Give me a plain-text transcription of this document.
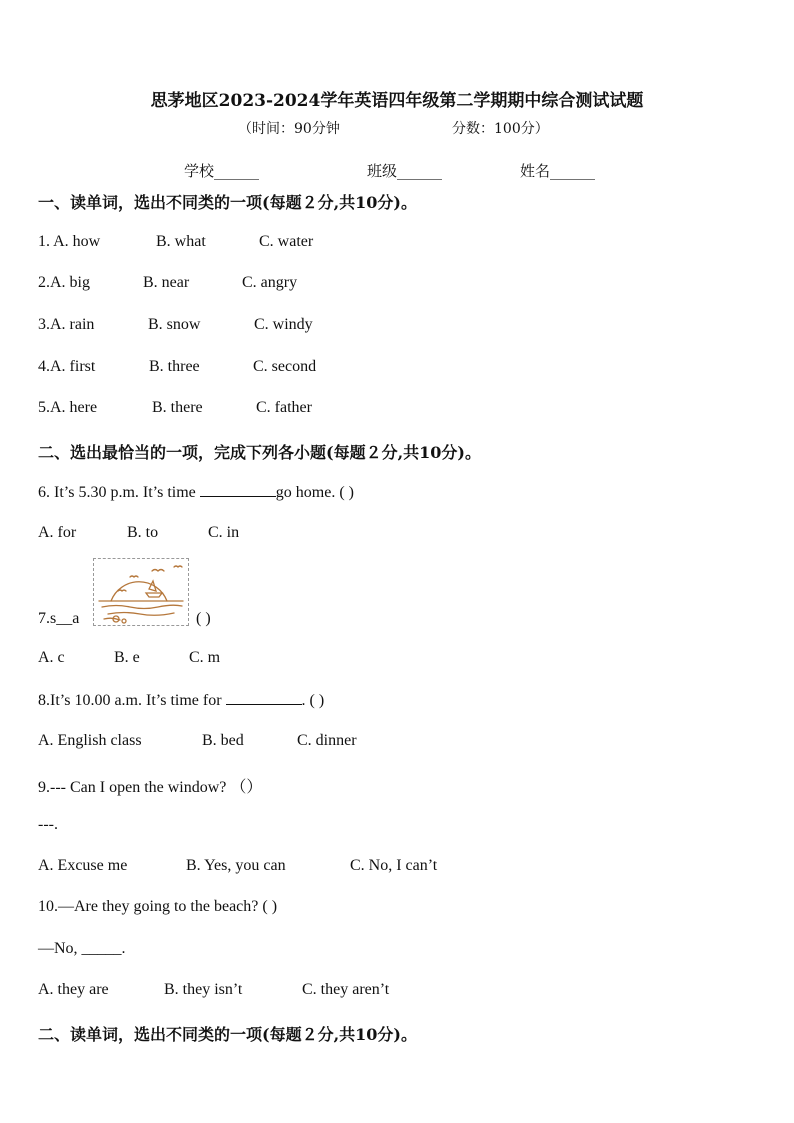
思茅地区2023-2024学年英语四年级第二学期期中综合测试试题
（时间：90分钟	分数：100分）
学校______	班级______	姓名______
一、读单词，选出不同类的一项(每题２分,共10分)。
1. A. how	B. what	C. water
2.A. big	B. near	C. angry
3.A. rain	B. snow	C. windy
4.A. first	B. three	C. second
5.A. here	B. there	C. father
二、选出最恰当的一项，完成下列各小题(每题２分,共10分)。
6. It’s 5.30 p.m. It’s time	go home. ( )
A. for	B. to	C. in
7.s__a	( )
A. c	B. e	C. m
8.It’s 10.00 a.m. It’s time for	. ( )
A. English class	B. bed	C. dinner
9.--- Can I open the window? （）
---.
A. Excuse me	B. Yes, you can	C. No, I can’t
10.—Are they going to the beach? ( )
—No, _____.
A. they are	B. they isn’t	C. they aren’t
二、读单词，选出不同类的一项(每题２分,共10分)。
